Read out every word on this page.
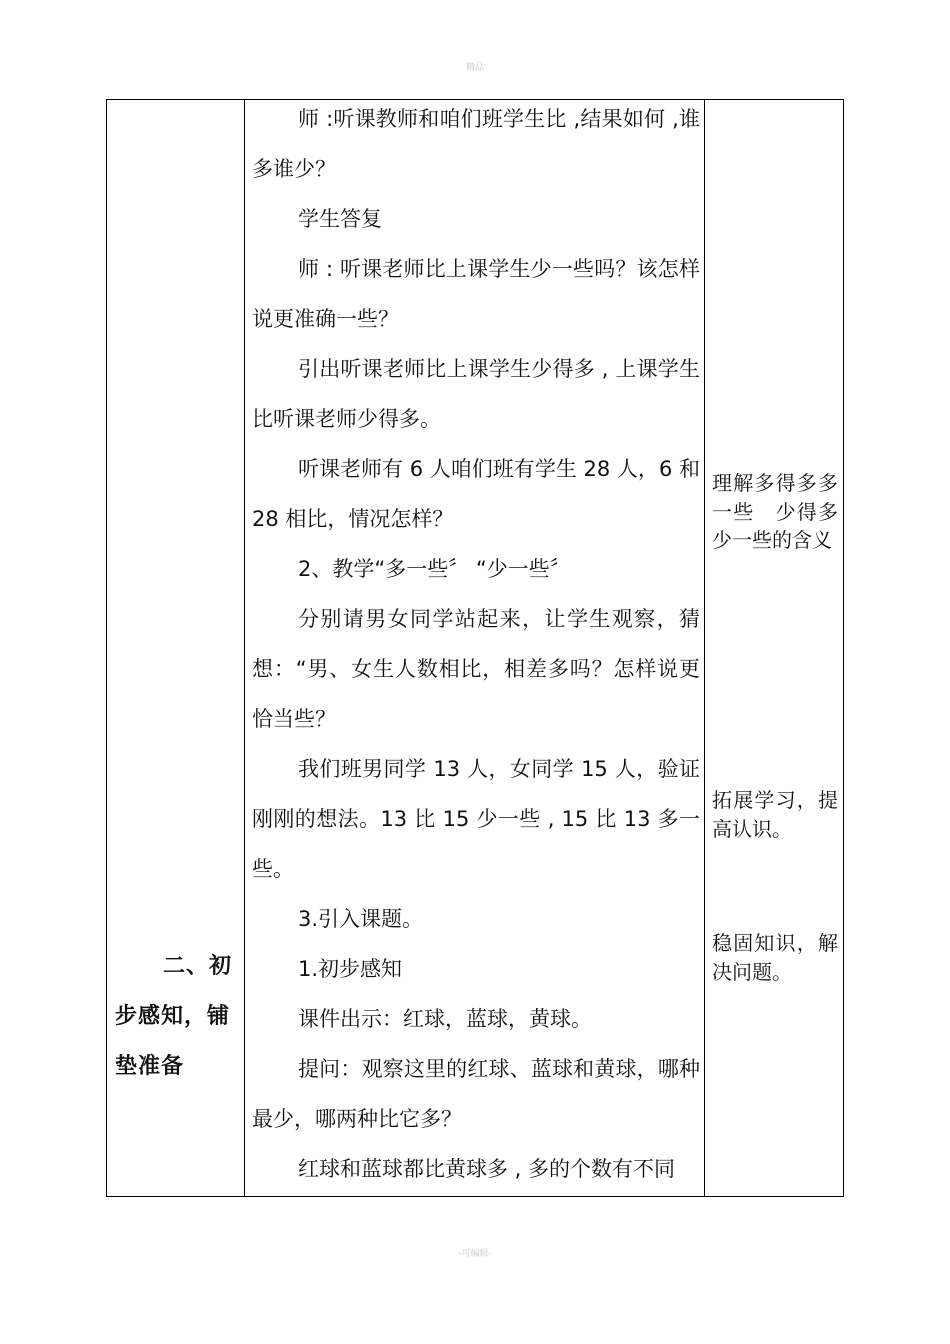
精品

二、初

步感知，铺

垫准备

师 :听课教师和咱们班学生比 ,结果如何 ,谁多谁少？

学生答复

师 : 听课老师比上课学生少一些吗？该怎样说更准确一些？

引出听课老师比上课学生少得多 , 上课学生比听课老师少得多。

听课老师有 6 人咱们班有学生 28 人，6 和 28 相比，情况怎样？

2、教学“多一些〞 “少一些〞

分别请男女同学站起来，让学生观察，猜想：“男、女生人数相比，相差多吗？怎样说更恰当些？

我们班男同学 13 人，女同学 15 人，验证刚刚的想法。13 比 15 少一些 , 15 比 13 多一些。

3.引入课题。

1.初步感知

课件出示：红球，蓝球，黄球。

提问：观察这里的红球、蓝球和黄球，哪种最少，哪两种比它多？

红球和蓝球都比黄球多 , 多的个数有不同

理解多得多多一些　少得多少一些的含义

拓展学习，提高认识。

稳固知识，解决问题。

-可编辑-
